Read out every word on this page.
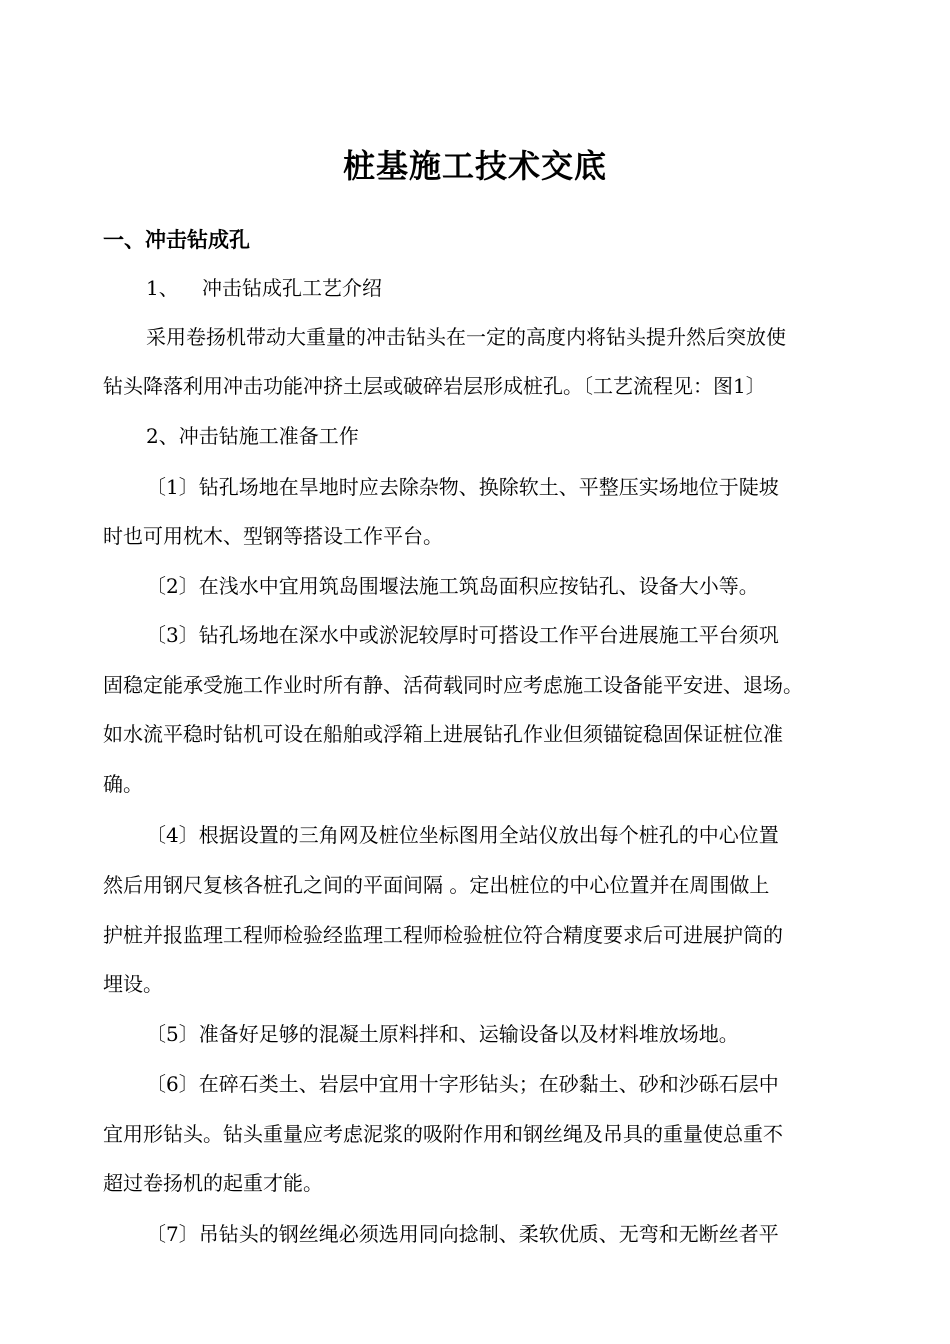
桩基施工技术交底
一、冲击钻成孔

1、 冲击钻成孔工艺介绍

采用卷扬机带动大重量的冲击钻头在一定的高度内将钻头提升然后突放使

钻头降落利用冲击功能冲挤土层或破碎岩层形成桩孔。〔工艺流程见：图1〕

2、冲击钻施工准备工作

〔1〕钻孔场地在旱地时应去除杂物、换除软土、平整压实场地位于陡坡

时也可用枕木、型钢等搭设工作平台。

〔2〕在浅水中宜用筑岛围堰法施工筑岛面积应按钻孔、设备大小等。

〔3〕钻孔场地在深水中或淤泥较厚时可搭设工作平台进展施工平台须巩

固稳定能承受施工作业时所有静、活荷载同时应考虑施工设备能平安进、退场。

如水流平稳时钻机可设在船舶或浮箱上进展钻孔作业但须锚锭稳固保证桩位准

确。

〔4〕根据设置的三角网及桩位坐标图用全站仪放出每个桩孔的中心位置

然后用钢尺复核各桩孔之间的平面间隔 。定出桩位的中心位置并在周围做上

护桩并报监理工程师检验经监理工程师检验桩位符合精度要求后可进展护筒的

埋设。

〔5〕准备好足够的混凝土原料拌和、运输设备以及材料堆放场地。

〔6〕在碎石类土、岩层中宜用十字形钻头；在砂黏土、砂和沙砾石层中

宜用形钻头。钻头重量应考虑泥浆的吸附作用和钢丝绳及吊具的重量使总重不

超过卷扬机的起重才能。

〔7〕吊钻头的钢丝绳必须选用同向捻制、柔软优质、无弯和无断丝者平
